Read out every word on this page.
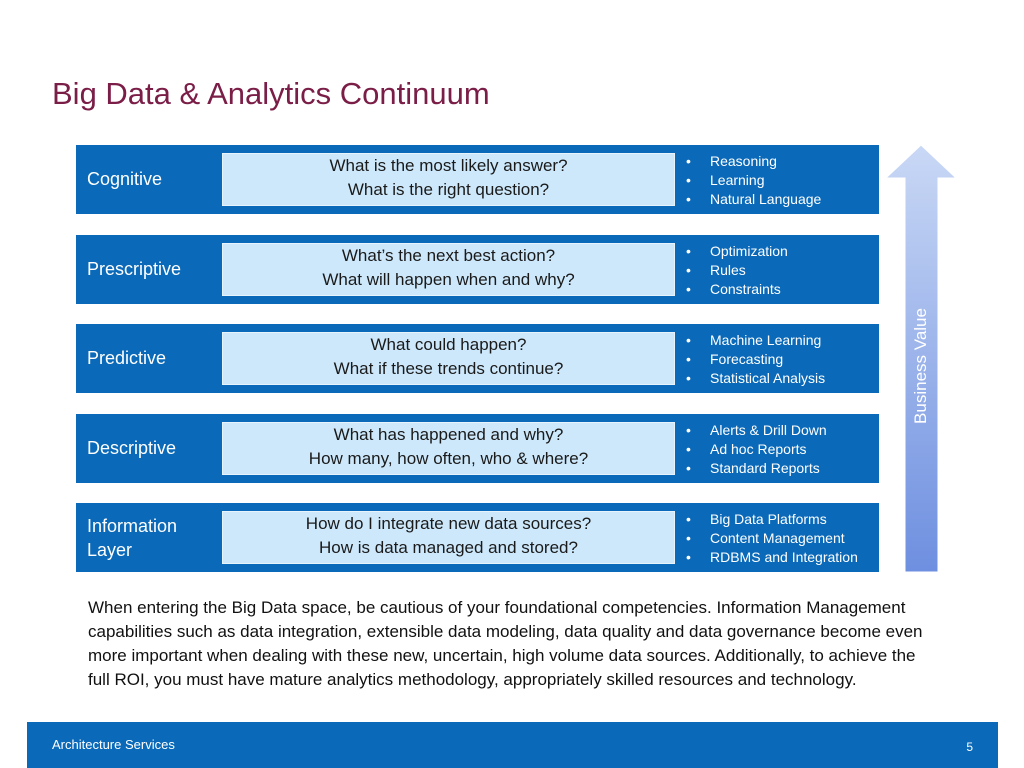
Big Data & Analytics Continuum
Cognitive
What is the most likely answer?
What is the right question?
• Reasoning
• Learning
• Natural Language
Prescriptive
What’s the next best action?
What will happen when and why?
• Optimization
• Rules
• Constraints
Predictive
What could happen?
What if these trends continue?
• Machine Learning
• Forecasting
• Statistical Analysis
Descriptive
What has happened and why?
How many, how often, who & where?
• Alerts & Drill Down
• Ad hoc Reports
• Standard Reports
Information
Layer
How do I integrate new data sources?
How is data managed and stored?
• Big Data Platforms
• Content Management
• RDBMS and Integration
Business Value
When entering the Big Data space, be cautious of your foundational competencies. Information Management capabilities such as data integration, extensible data modeling, data quality and data governance become even more important when dealing with these new, uncertain, high volume data sources. Additionally, to achieve the full ROI, you must have mature analytics methodology, appropriately skilled resources and technology.
Architecture Services	5
